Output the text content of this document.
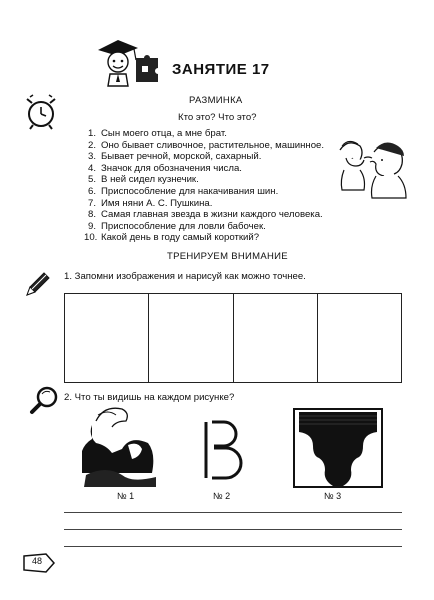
ЗАНЯТИЕ 17
РАЗМИНКА
Кто это? Что это?
1. Сын моего отца, а мне брат.
2. Оно бывает сливочное, растительное, машинное.
3. Бывает речной, морской, сахарный.
4. Значок для обозначения числа.
5. В ней сидел кузнечик.
6. Приспособление для накачивания шин.
7. Имя няни А. С. Пушкина.
8. Самая главная звезда в жизни каждого человека.
9. Приспособление для ловли бабочек.
10. Какой день в году самый короткий?
ТРЕНИРУЕМ ВНИМАНИЕ
1. Запомни изображения и нарисуй как можно точнее.
2. Что ты видишь на каждом рисунке?
№ 1	№ 2	№ 3
48
